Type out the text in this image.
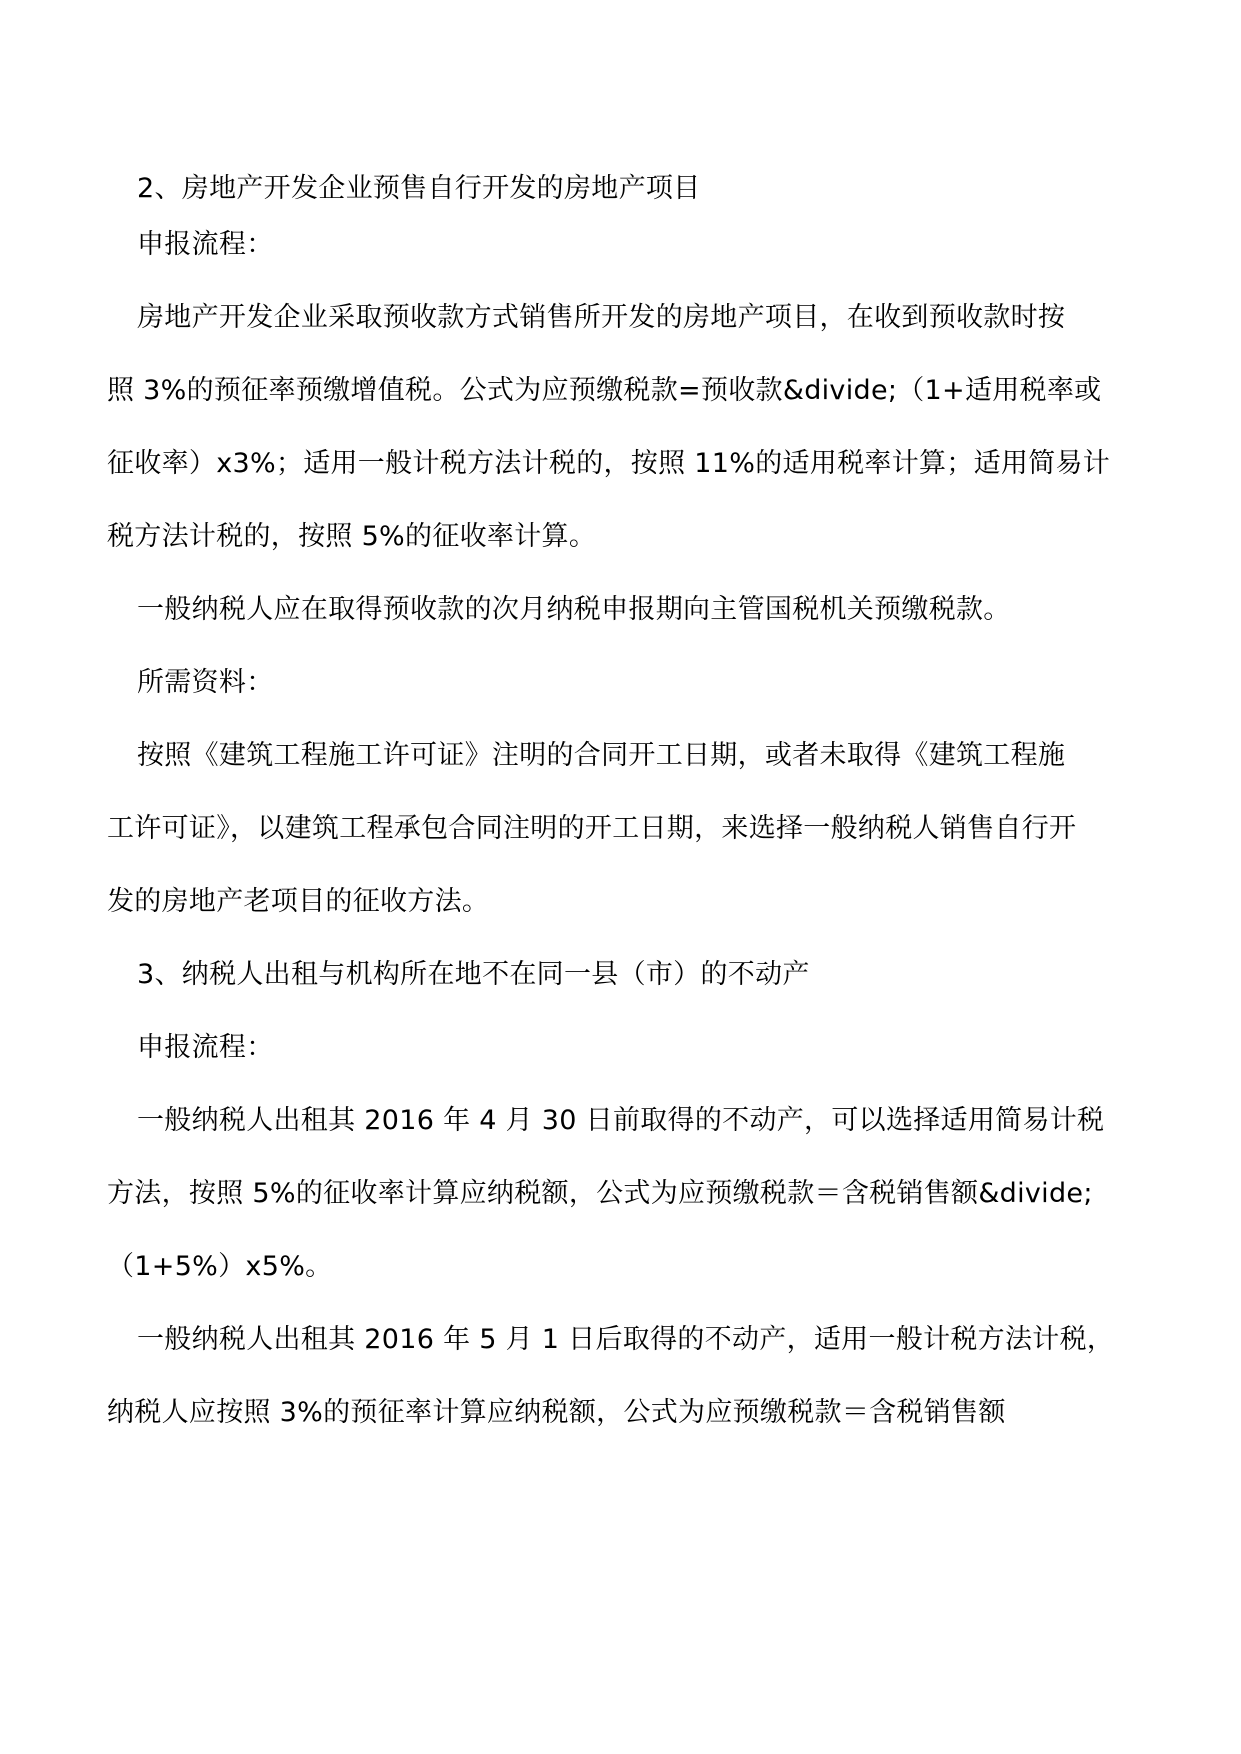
2、房地产开发企业预售自行开发的房地产项目
申报流程：
房地产开发企业采取预收款方式销售所开发的房地产项目，在收到预收款时按
照 3%的预征率预缴增值税。公式为应预缴税款=预收款&divide;（1+适用税率或
征收率）x3%；适用一般计税方法计税的，按照 11%的适用税率计算；适用简易计
税方法计税的，按照 5%的征收率计算。
一般纳税人应在取得预收款的次月纳税申报期向主管国税机关预缴税款。
所需资料：
按照《建筑工程施工许可证》注明的合同开工日期，或者未取得《建筑工程施
工许可证》，以建筑工程承包合同注明的开工日期，来选择一般纳税人销售自行开
发的房地产老项目的征收方法。
3、纳税人出租与机构所在地不在同一县（市）的不动产
申报流程：
一般纳税人出租其 2016 年 4 月 30 日前取得的不动产，可以选择适用简易计税
方法，按照 5%的征收率计算应纳税额，公式为应预缴税款＝含税销售额&divide;
（1+5%）x5%。
一般纳税人出租其 2016 年 5 月 1 日后取得的不动产，适用一般计税方法计税，
纳税人应按照 3%的预征率计算应纳税额，公式为应预缴税款＝含税销售额
